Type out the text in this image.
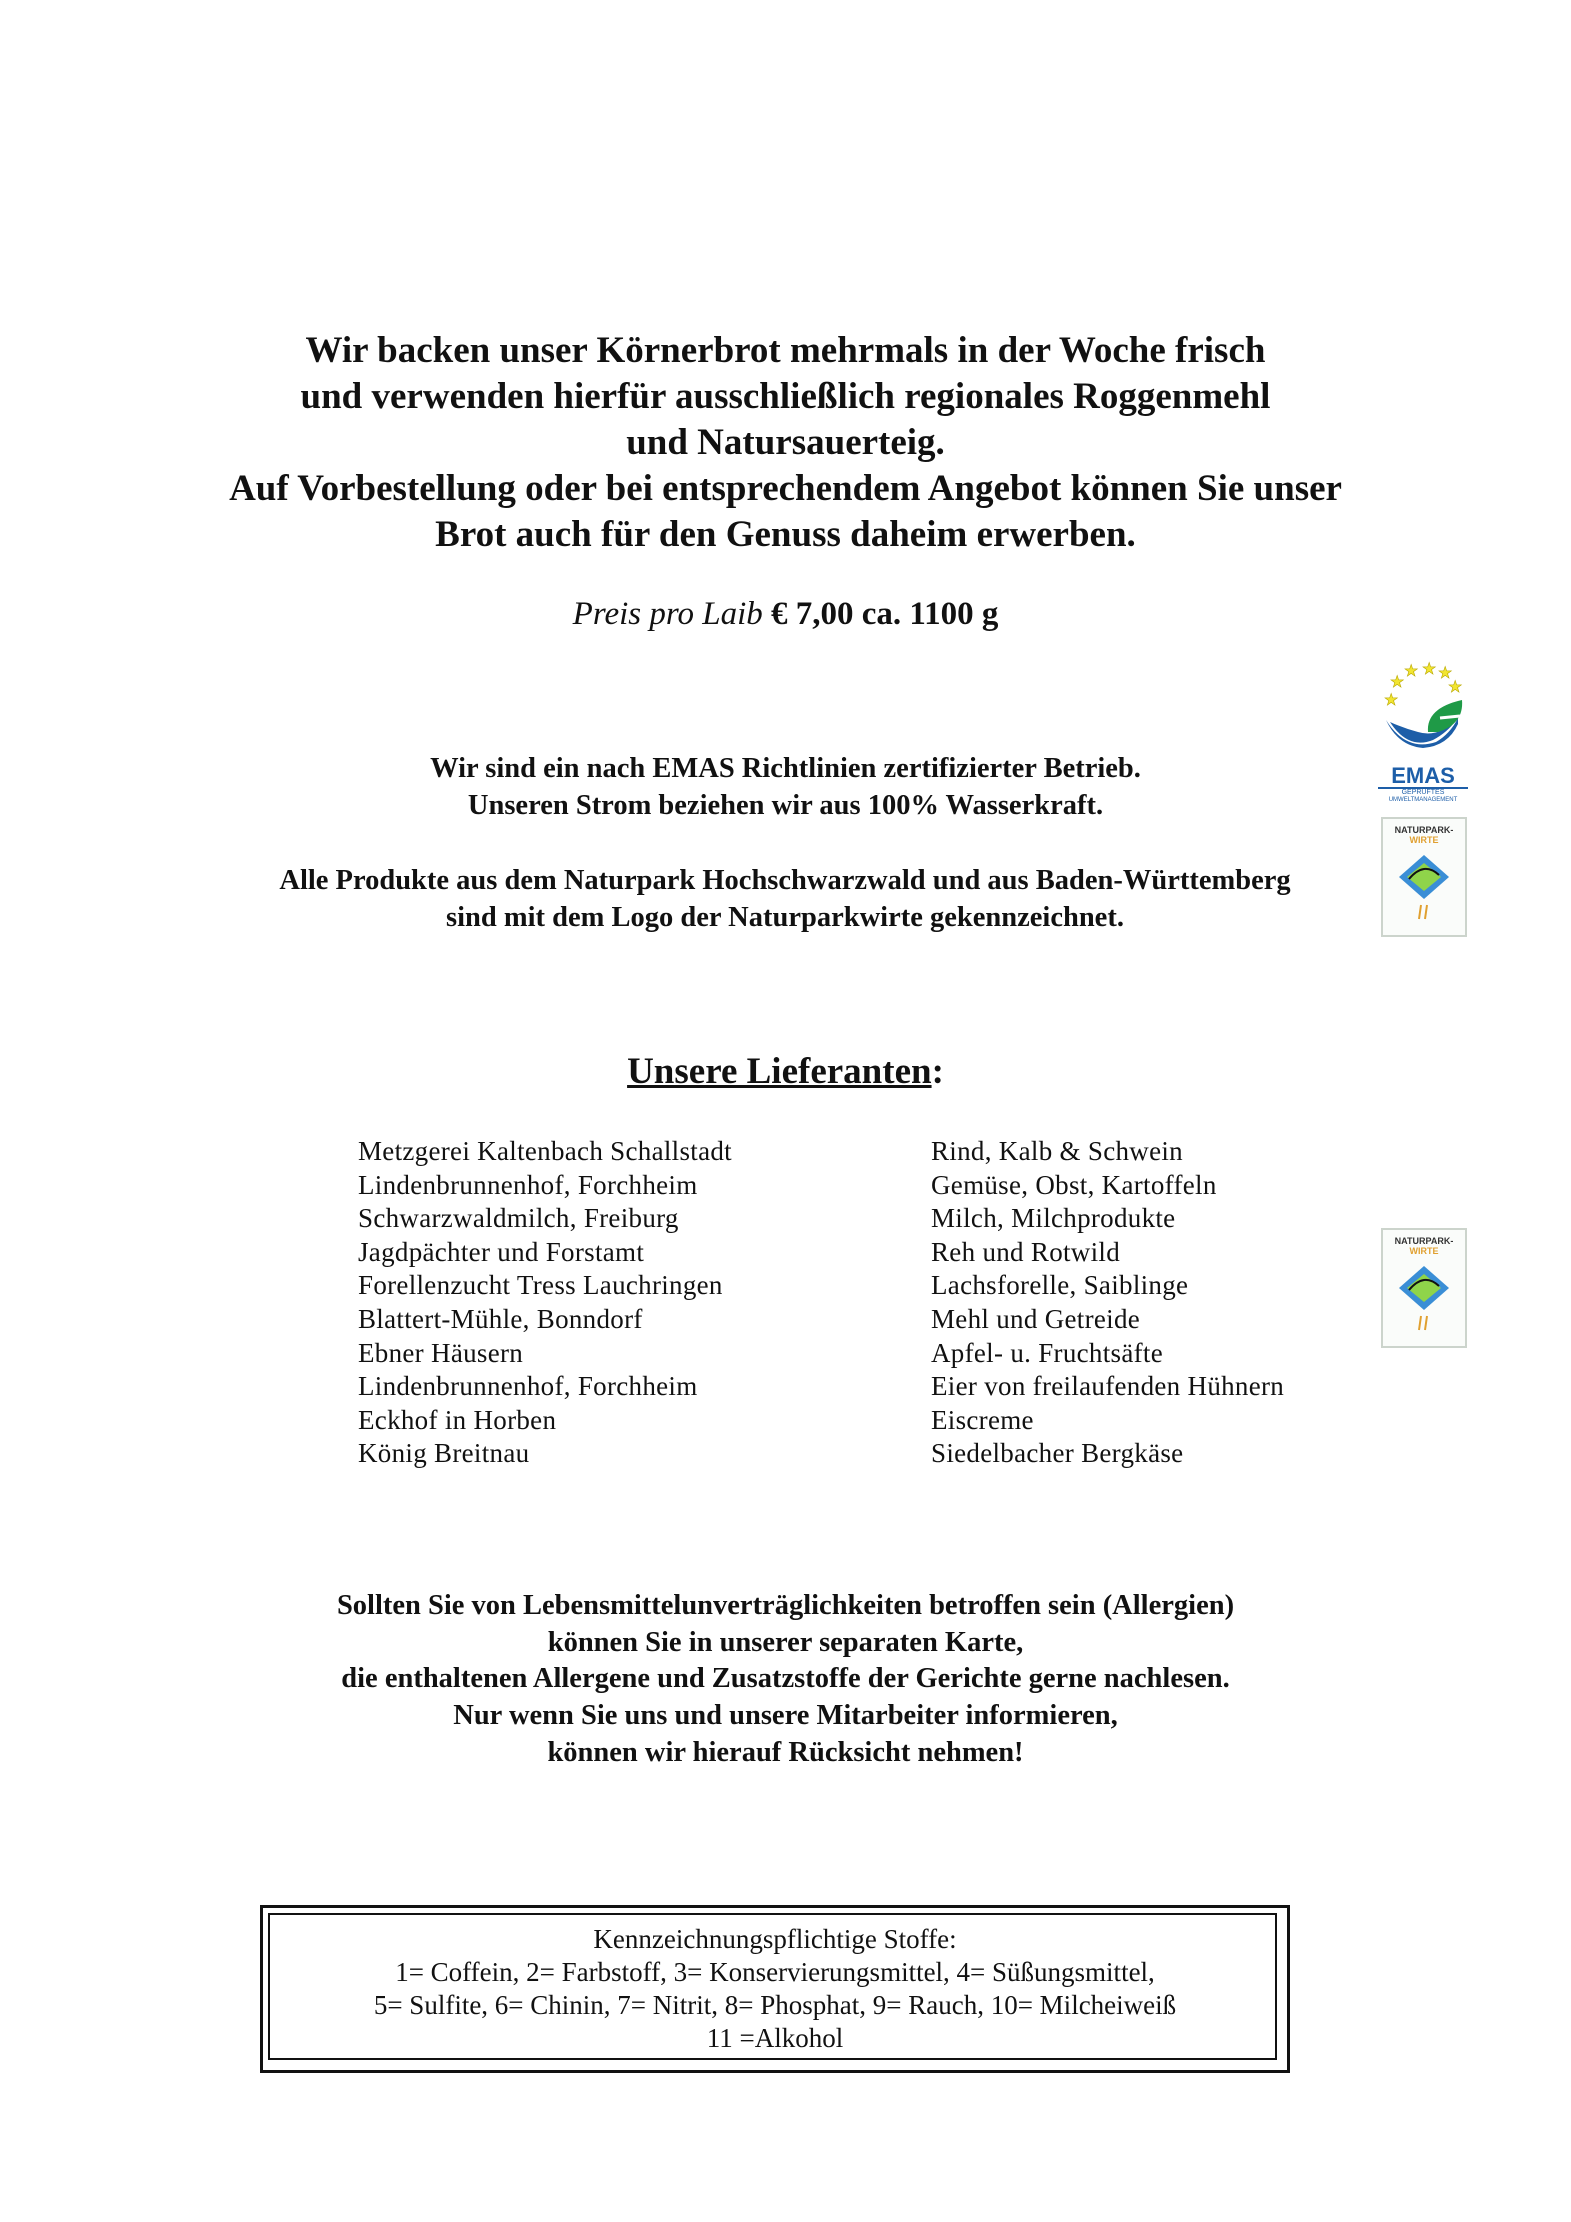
Wir backen unser Körnerbrot mehrmals in der Woche frisch
und verwenden hierfür ausschließlich regionales Roggenmehl
und Natursauerteig.
Auf Vorbestellung oder bei entsprechendem Angebot können Sie unser
Brot auch für den Genuss daheim erwerben.
Preis pro Laib € 7,00 ca. 1100 g
Wir sind ein nach EMAS Richtlinien zertifizierter Betrieb.
Unseren Strom beziehen wir aus 100% Wasserkraft.
Alle Produkte aus dem Naturpark Hochschwarzwald und aus Baden-Württemberg
sind mit dem Logo der Naturparkwirte gekennzeichnet.
★
★
★ ★ ★
★
EMAS
GEPRÜFTES
UMWELTMANAGEMENT
NATURPARK-
WIRTE
NATURPARK-
WIRTE
Unsere Lieferanten:
Metzgerei Kaltenbach Schallstadt
Lindenbrunnenhof, Forchheim
Schwarzwaldmilch, Freiburg
Jagdpächter und Forstamt
Forellenzucht Tress Lauchringen
Blattert-Mühle, Bonndorf
Ebner Häusern
Lindenbrunnenhof, Forchheim
Eckhof in Horben
König Breitnau
Rind, Kalb & Schwein
Gemüse, Obst, Kartoffeln
Milch, Milchprodukte
Reh und Rotwild
Lachsforelle, Saiblinge
Mehl und Getreide
Apfel- u. Fruchtsäfte
Eier von freilaufenden Hühnern
Eiscreme
Siedelbacher Bergkäse
Sollten Sie von Lebensmittelunverträglichkeiten betroffen sein (Allergien)
können Sie in unserer separaten Karte,
die enthaltenen Allergene und Zusatzstoffe der Gerichte gerne nachlesen.
Nur wenn Sie uns und unsere Mitarbeiter informieren,
können wir hierauf Rücksicht nehmen!
Kennzeichnungspflichtige Stoffe:
1= Coffein, 2= Farbstoff, 3= Konservierungsmittel, 4= Süßungsmittel,
5= Sulfite, 6= Chinin, 7= Nitrit, 8= Phosphat, 9= Rauch, 10= Milcheiweiß
11 =Alkohol
